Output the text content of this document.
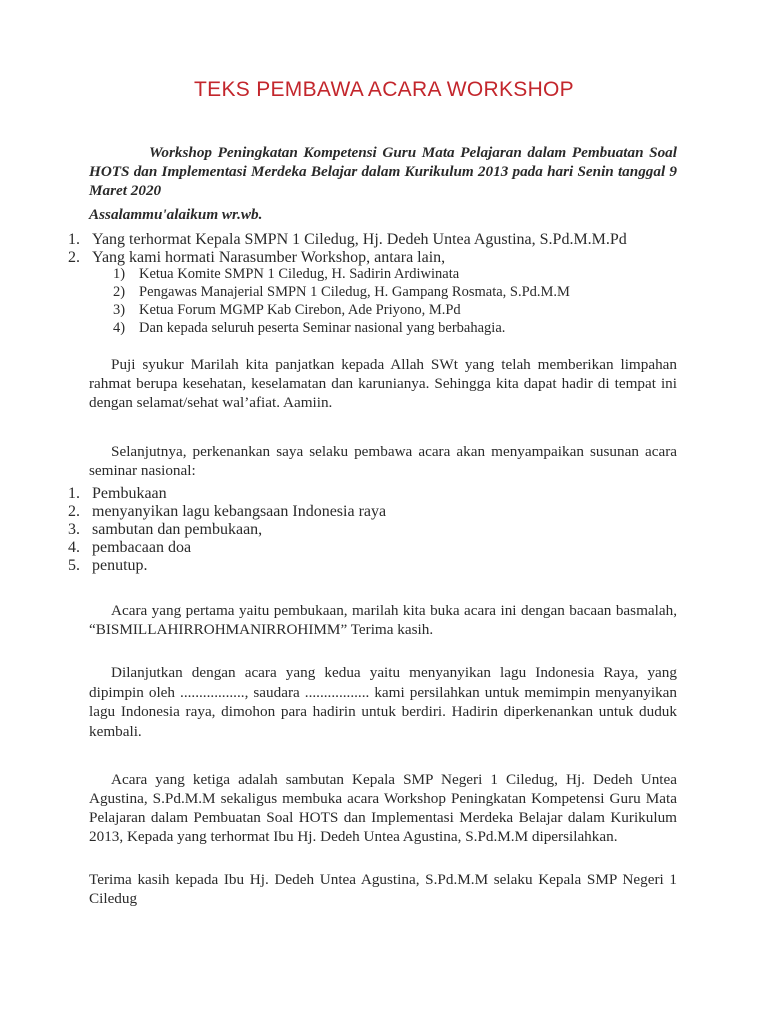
TEKS PEMBAWA ACARA WORKSHOP
Workshop Peningkatan Kompetensi Guru Mata Pelajaran dalam Pembuatan Soal HOTS dan Implementasi Merdeka Belajar dalam Kurikulum 2013 pada hari Senin tanggal 9 Maret 2020
Assalammu'alaikum wr.wb.
1. Yang terhormat Kepala SMPN 1 Ciledug, Hj. Dedeh Untea Agustina, S.Pd.M.M.Pd
2. Yang kami hormati Narasumber Workshop, antara lain,
1) Ketua Komite SMPN 1 Ciledug, H. Sadirin Ardiwinata
2) Pengawas Manajerial SMPN 1 Ciledug, H. Gampang Rosmata, S.Pd.M.M
3) Ketua Forum MGMP Kab Cirebon, Ade Priyono, M.Pd
4) Dan kepada seluruh peserta Seminar nasional yang berbahagia.
Puji syukur Marilah kita panjatkan kepada Allah SWt yang telah memberikan limpahan rahmat berupa kesehatan, keselamatan dan karunianya. Sehingga kita dapat hadir di tempat ini dengan selamat/sehat wal’afiat. Aamiin.
Selanjutnya, perkenankan saya selaku pembawa acara akan menyampaikan susunan acara seminar nasional:
1. Pembukaan
2. menyanyikan lagu kebangsaan Indonesia raya
3. sambutan dan pembukaan,
4. pembacaan doa
5. penutup.
Acara yang pertama yaitu pembukaan, marilah kita buka acara ini dengan bacaan basmalah, “BISMILLAHIRROHMANIRROHIMM” Terima kasih.
Dilanjutkan dengan acara yang kedua yaitu menyanyikan lagu Indonesia Raya, yang dipimpin oleh ................., saudara ................. kami persilahkan untuk memimpin menyanyikan lagu Indonesia raya, dimohon para hadirin untuk berdiri. Hadirin diperkenankan untuk duduk kembali.
Acara yang ketiga adalah sambutan Kepala SMP Negeri 1 Ciledug, Hj. Dedeh Untea Agustina, S.Pd.M.M sekaligus membuka acara Workshop Peningkatan Kompetensi Guru Mata Pelajaran dalam Pembuatan Soal HOTS dan Implementasi Merdeka Belajar dalam Kurikulum 2013, Kepada yang terhormat Ibu Hj. Dedeh Untea Agustina, S.Pd.M.M dipersilahkan.
Terima kasih kepada Ibu Hj. Dedeh Untea Agustina, S.Pd.M.M selaku Kepala SMP Negeri 1 Ciledug
